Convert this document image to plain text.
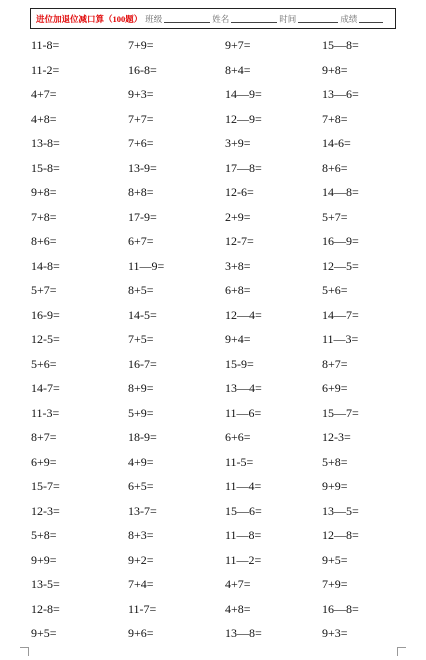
进位加退位减口算（100题） 班级	姓名	时间	成绩
11-8=	7+9=	9+7=	15—8=
11-2=	16-8=	8+4=	9+8=
4+7=	9+3=	14—9=	13—6=
4+8=	7+7=	12—9=	7+8=
13-8=	7+6=	3+9=	14-6=
15-8=	13-9=	17—8=	8+6=
9+8=	8+8=	12-6=	14—8=
7+8=	17-9=	2+9=	5+7=
8+6=	6+7=	12-7=	16—9=
14-8=	11—9=	3+8=	12—5=
5+7=	8+5=	6+8=	5+6=
16-9=	14-5=	12—4=	14—7=
12-5=	7+5=	9+4=	11—3=
5+6=	16-7=	15-9=	8+7=
14-7=	8+9=	13—4=	6+9=
11-3=	5+9=	11—6=	15—7=
8+7=	18-9=	6+6=	12-3=
6+9=	4+9=	11-5=	5+8=
15-7=	6+5=	11—4=	9+9=
12-3=	13-7=	15—6=	13—5=
5+8=	8+3=	11—8=	12—8=
9+9=	9+2=	11—2=	9+5=
13-5=	7+4=	4+7=	7+9=
12-8=	11-7=	4+8=	16—8=
9+5=	9+6=	13—8=	9+3=
